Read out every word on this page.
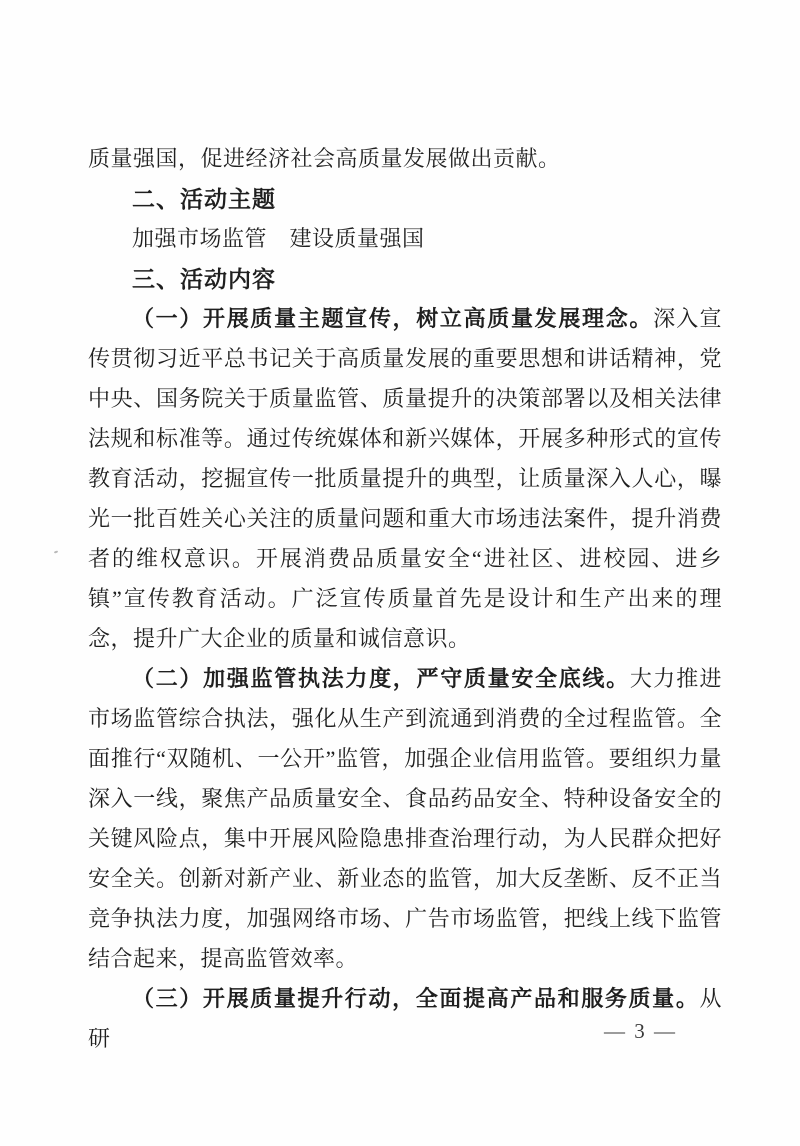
质量强国，促进经济社会高质量发展做出贡献。

二、活动主题

加强市场监管　建设质量强国

三、活动内容

（一）开展质量主题宣传，树立高质量发展理念。深入宣传贯彻习近平总书记关于高质量发展的重要思想和讲话精神，党中央、国务院关于质量监管、质量提升的决策部署以及相关法律法规和标准等。通过传统媒体和新兴媒体，开展多种形式的宣传教育活动，挖掘宣传一批质量提升的典型，让质量深入人心，曝光一批百姓关心关注的质量问题和重大市场违法案件，提升消费者的维权意识。开展消费品质量安全“进社区、进校园、进乡镇”宣传教育活动。广泛宣传质量首先是设计和生产出来的理念，提升广大企业的质量和诚信意识。

（二）加强监管执法力度，严守质量安全底线。大力推进市场监管综合执法，强化从生产到流通到消费的全过程监管。全面推行“双随机、一公开”监管，加强企业信用监管。要组织力量深入一线，聚焦产品质量安全、食品药品安全、特种设备安全的关键风险点，集中开展风险隐患排查治理行动，为人民群众把好安全关。创新对新产业、新业态的监管，加大反垄断、反不正当竞争执法力度，加强网络市场、广告市场监管，把线上线下监管结合起来，提高监管效率。

（三）开展质量提升行动，全面提高产品和服务质量。从研	— 3 —
